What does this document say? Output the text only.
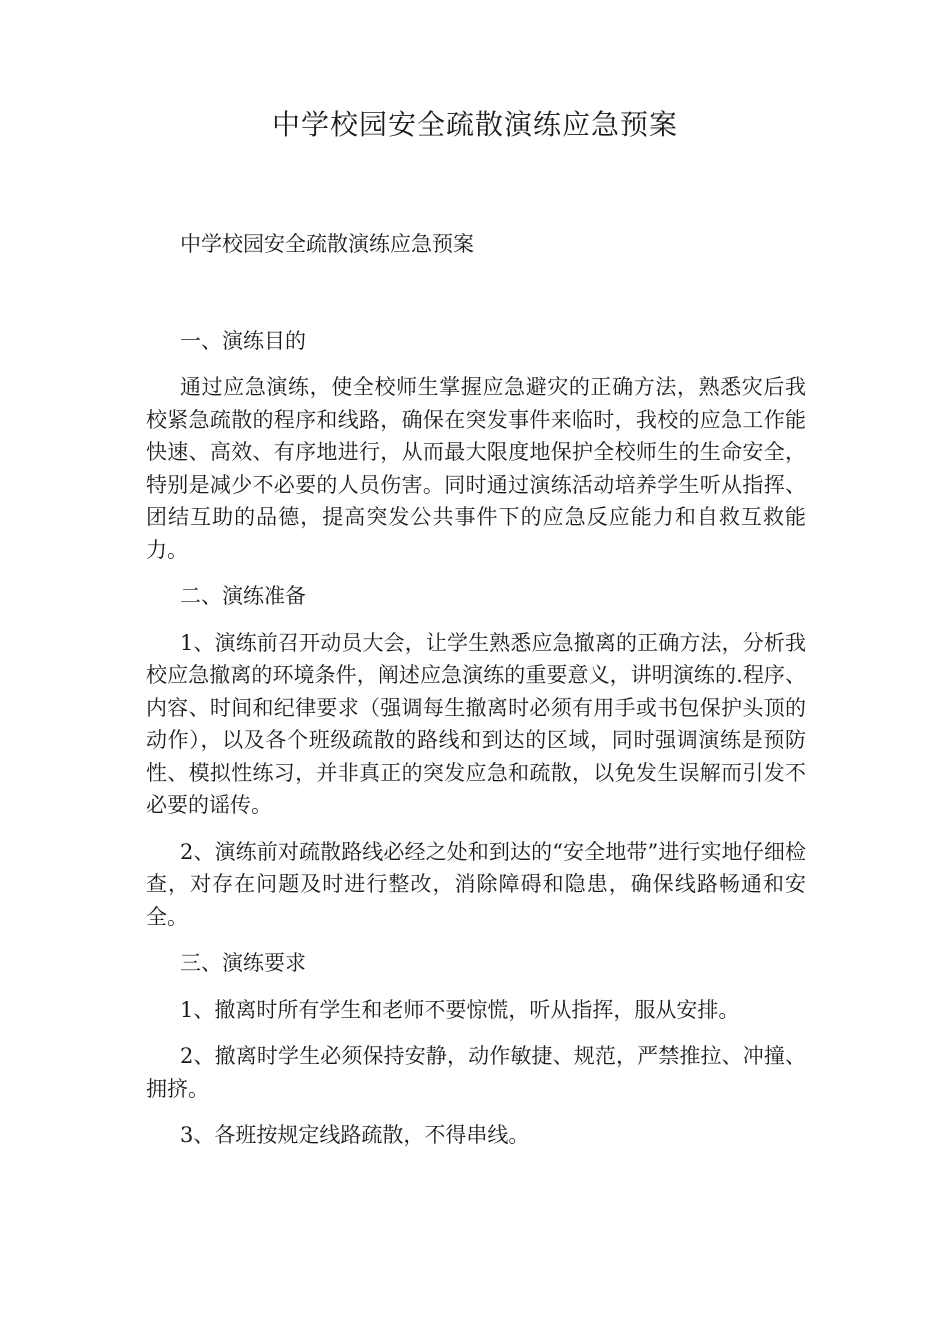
中学校园安全疏散演练应急预案

中学校园安全疏散演练应急预案

一、演练目的

通过应急演练，使全校师生掌握应急避灾的正确方法，熟悉灾后我校紧急疏散的程序和线路，确保在突发事件来临时，我校的应急工作能快速、高效、有序地进行，从而最大限度地保护全校师生的生命安全，特别是减少不必要的人员伤害。同时通过演练活动培养学生听从指挥、团结互助的品德，提高突发公共事件下的应急反应能力和自救互救能力。

二、演练准备

1、演练前召开动员大会，让学生熟悉应急撤离的正确方法，分析我校应急撤离的环境条件，阐述应急演练的重要意义，讲明演练的.程序、内容、时间和纪律要求（强调每生撤离时必须有用手或书包保护头顶的动作），以及各个班级疏散的路线和到达的区域，同时强调演练是预防性、模拟性练习，并非真正的突发应急和疏散，以免发生误解而引发不必要的谣传。

2、演练前对疏散路线必经之处和到达的“安全地带”进行实地仔细检查，对存在问题及时进行整改，消除障碍和隐患，确保线路畅通和安全。

三、演练要求

1、撤离时所有学生和老师不要惊慌，听从指挥，服从安排。

2、撤离时学生必须保持安静，动作敏捷、规范，严禁推拉、冲撞、拥挤。

3、各班按规定线路疏散，不得串线。
